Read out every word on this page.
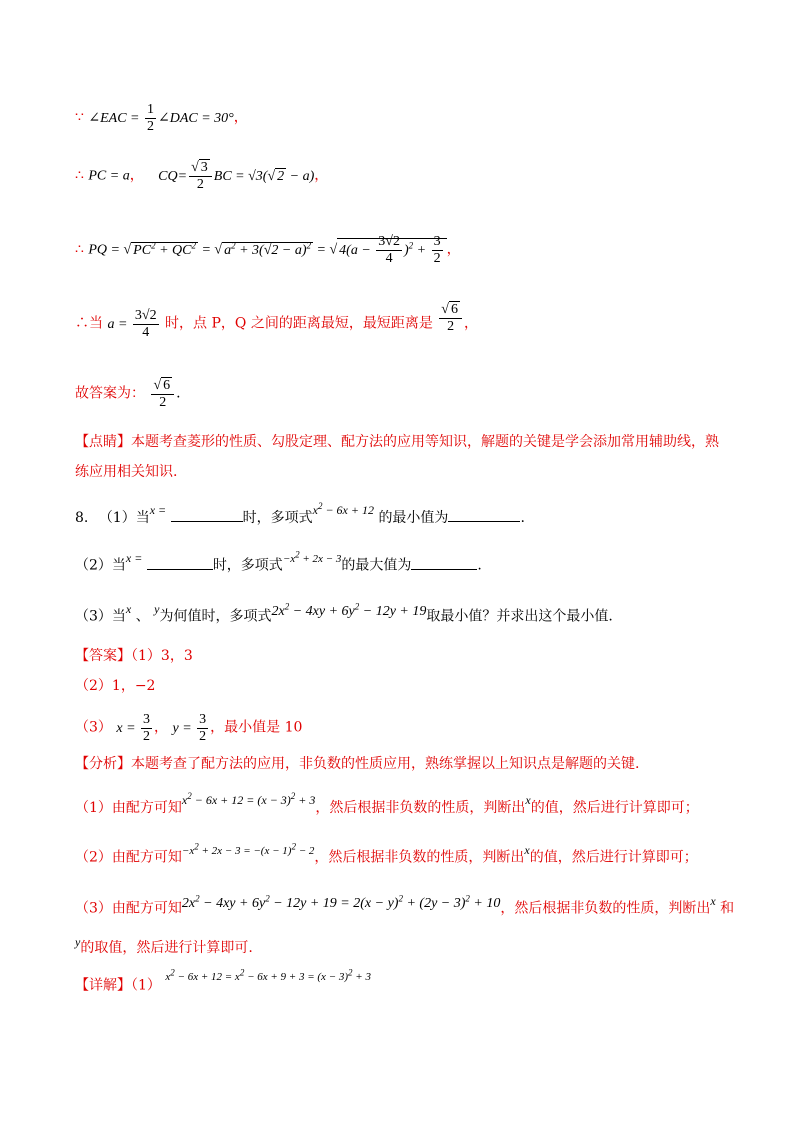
∵ ∠EAC = $\frac{1}{2}$ ∠DAC = 30°，
∴ PC = a， $CQ= \frac{√ 3}{2}$ BC = √3(√ 2 − a)，
∴ PQ = √ $PC^2 + QC^2$ = √ $a^2 + 3(√2 - a)^2$ = √ $4(a - \frac{3√2}{4} )^2 + \frac{3}{2}$ ，
∴当 $a = \frac{3√2}{4}$ 时，点 P，Q 之间的距离最短，最短距离是 $\frac{√ 6}{2}$ ，
故答案为： $\frac{√ 6}{2}$ .
【点睛】本题考查菱形的性质、勾股定理、配方法的应用等知识，解题的关键是学会添加常用辅助线，熟
练应用相关知识.
8. （1）当x =	时，多项式$x^2 - 6x + 12$ 的最小值为	.
（2）当x =	时，多项式$^{-x^2 + 2x - 3}$的最大值为	.
（3）当x 、 y为何值时，多项式$2x^2 - 4xy + 6y^2 - 12y + 19$取最小值？并求出这个最小值.
【答案】（1）3，3
（2）1，−2
（3） $x = \frac{3}{2}$ ， $y = \frac{3}{2}$ ，最小值是 10
【分析】本题考查了配方法的应用，非负数的性质应用，熟练掌握以上知识点是解题的关键.
（1）由配方可知$x^2 - 6x + 12 = (x - 3)^2 + 3$，然后根据非负数的性质，判断出x的值，然后进行计算即可；
（2）由配方可知$^{-x^2 + 2x - 3 = -(x - 1)^2 - 2}$，然后根据非负数的性质，判断出x的值，然后进行计算即可；
（3）由配方可知$2x^2 - 4xy + 6y^2 - 12y + 19 = 2(x - y)^2 + (2y - 3)^2 + 10$，然后根据非负数的性质，判断出x 和
y的取值，然后进行计算即可.
【详解】（1） $^{x^2 - 6x + 12 = x^2 - 6x + 9 + 3 = (x - 3)^2 + 3}$
